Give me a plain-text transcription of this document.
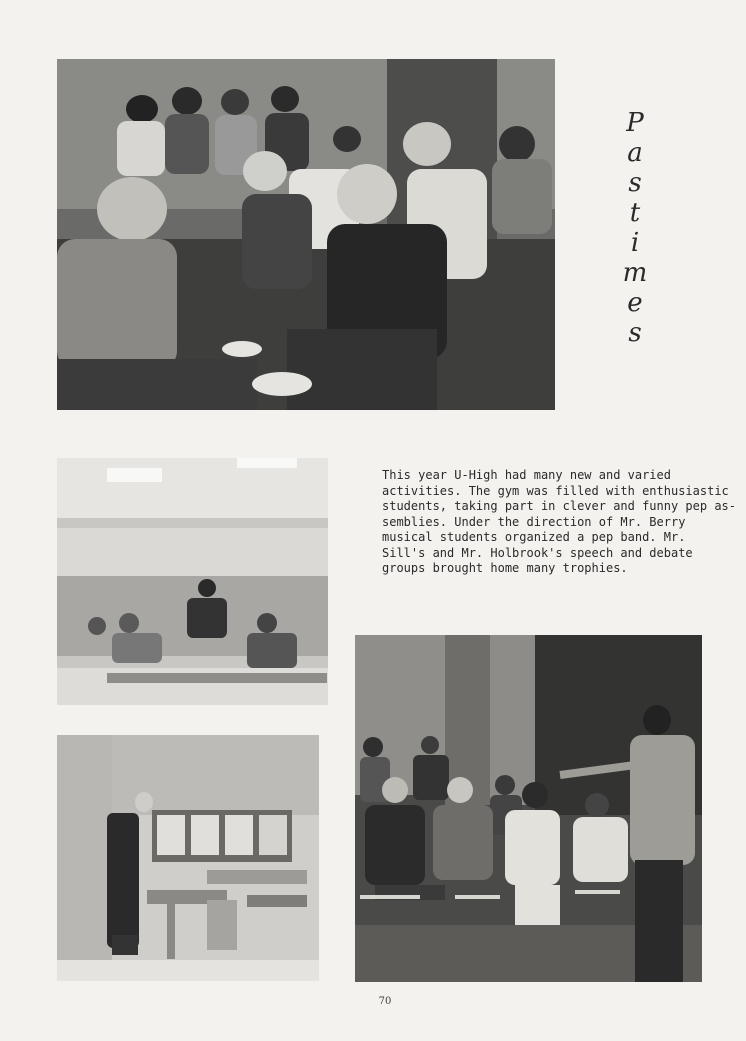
P
a
s
t
i
m
e
s
This year U-High had many new and varied
activities. The gym was filled with enthusiastic
students, taking part in clever and funny pep as-
semblies. Under the direction of Mr. Berry
musical students organized a pep band. Mr.
Sill's and Mr. Holbrook's speech and debate
groups brought home many trophies.
70
